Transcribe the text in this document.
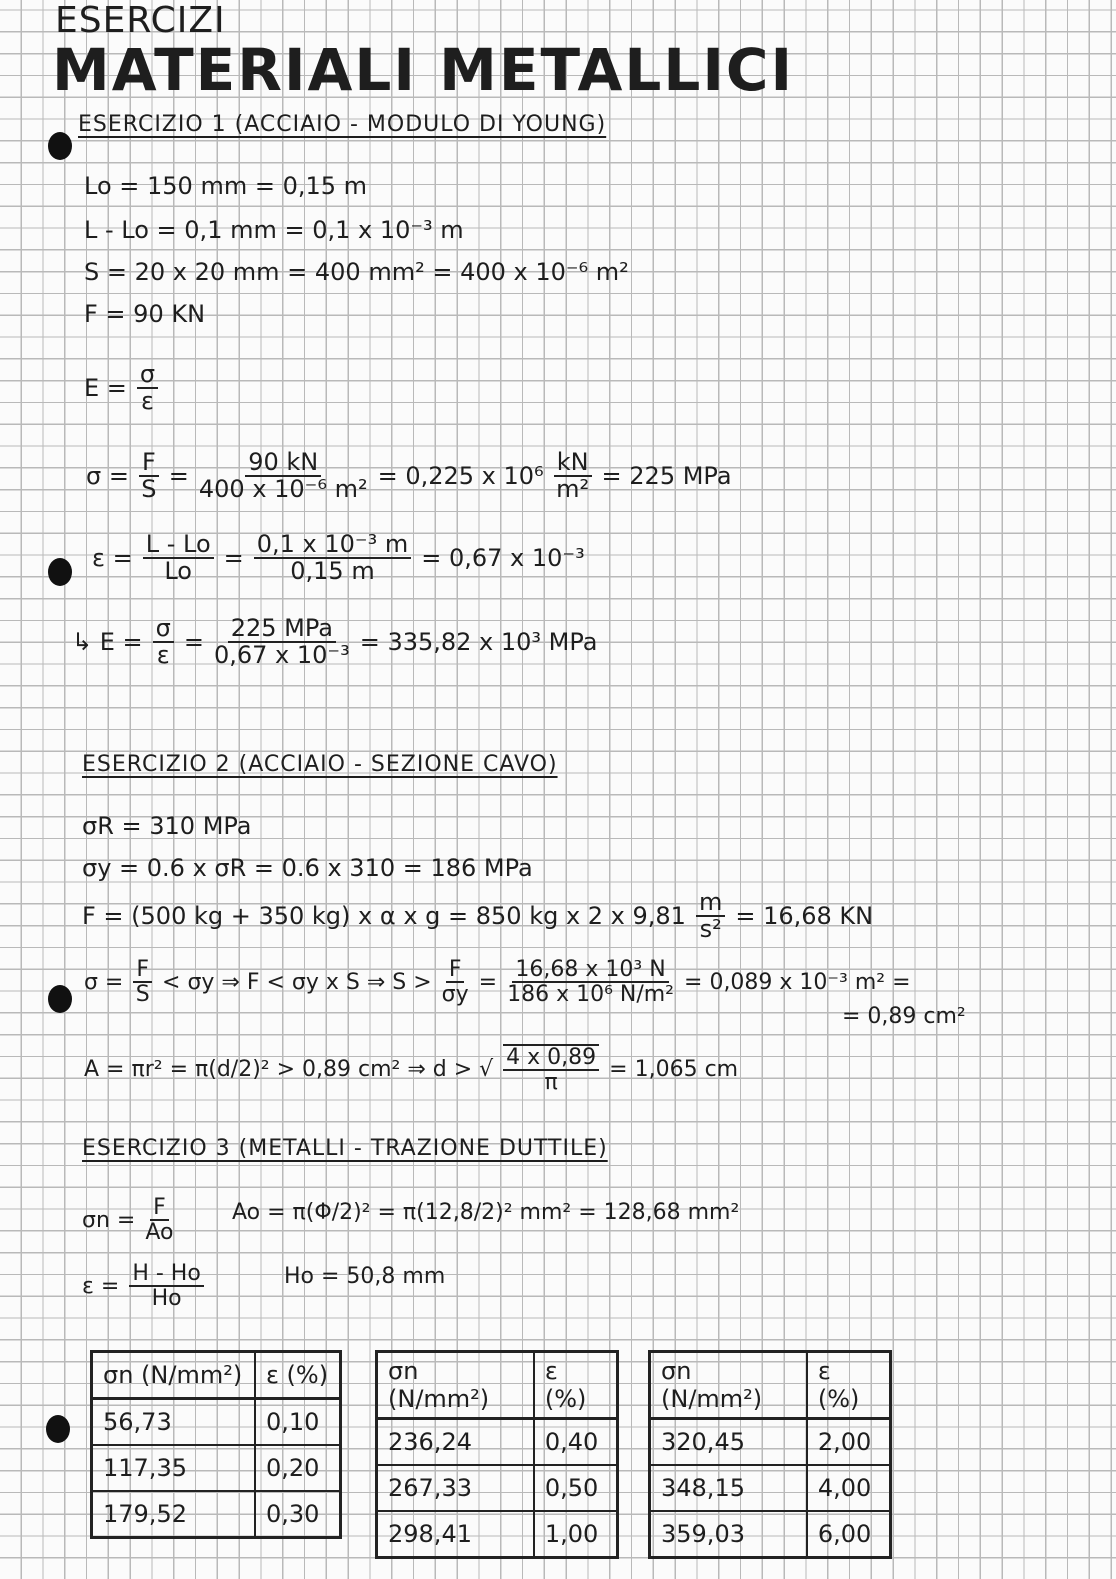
ESERCIZI
MATERIALI METALLICI
ESERCIZIO 1 (ACCIAIO - MODULO DI YOUNG)
Lo = 150 mm = 0,15 m
L - Lo = 0,1 mm = 0,1 x 10⁻³ m
S = 20 x 20 mm = 400 mm² = 400 x 10⁻⁶ m²
F = 90 KN
$E = \frac{\sigma}{\varepsilon}$
$\sigma = \frac{F}{S} = \frac{90 kN}{\text{400 x 10⁻⁶ m²}} = 0,225$ x $10^6 \frac{kN}{\text{m²}} = 225$ MPa
$\varepsilon = \frac{L - Lo}{Lo} = \frac{\text{0,1 x 10⁻³ m}}{0,15 m} = 0,67$ x 10⁻³
↳ $E = \frac{\sigma}{\varepsilon} = \frac{\text{225 MPa}}{\text{0,67 x 10⁻³}} = 335,82$ x 10³ MPa
ESERCIZIO 2 (ACCIAIO - SEZIONE CAVO)
σR = 310 MPa
σy = 0.6 x σR = 0.6 x 310 = 186 MPa
F = (500 kg + 350 kg) x α x g = 850 kg x 2 x $9,81 \frac{m}{\text{s²}} = 16,68$ KN
$\sigma = \frac{F}{S} < \sigma y$ ⇒ F < σy x S ⇒ $S > \frac{F}{\sigma y} = \frac{\text{16,68 x 10³ N}}{\text{186 x 10⁶ N/m²}} = 0,089$ x 10⁻³ m² =
= 0,89 cm²
A = πr² = π(d/2)² > 0,89 cm² ⇒ d > √ $\frac{4 x 0,89}{\pi} = 1,065$ cm
ESERCIZIO 3 (METALLI - TRAZIONE DUTTILE)
$\sigma n = \frac{F}{Ao}$	Ao = π(Φ/2)² = π(12,8/2)² mm² = 128,68 mm²
$\varepsilon = \frac{H - Ho}{Ho}$	Ho = 50,8 mm
σn (N/mm²)	ε (%)
56,73	0,10
117,35	0,20
179,52	0,30
σn (N/mm²)	ε (%)
236,24	0,40
267,33	0,50
298,41	1,00
σn (N/mm²)	ε (%)
320,45	2,00
348,15	4,00
359,03	6,00
